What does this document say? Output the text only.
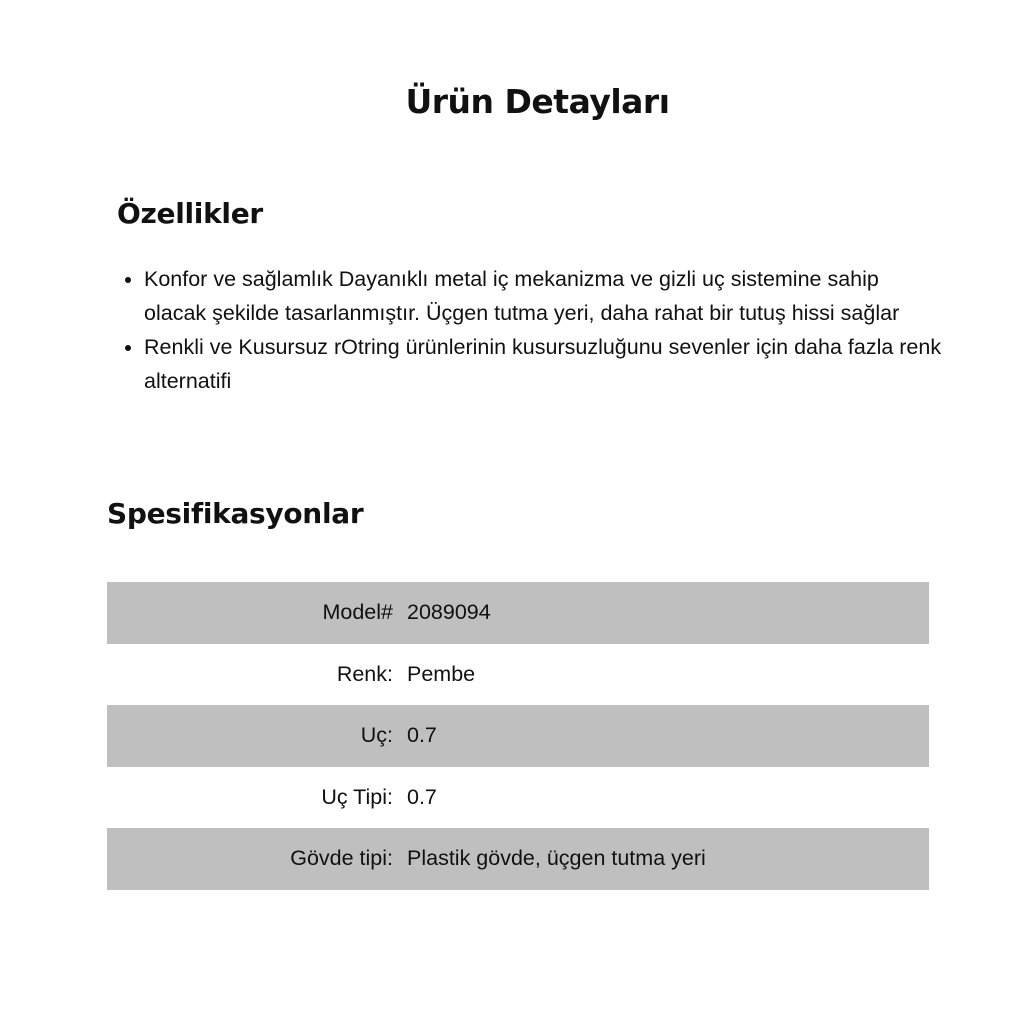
Ürün Detayları
Özellikler
• Konfor ve sağlamlık Dayanıklı metal iç mekanizma ve gizli uç sistemine sahip olacak şekilde tasarlanmıştır. Üçgen tutma yeri, daha rahat bir tutuş hissi sağlar
• Renkli ve Kusursuz rOtring ürünlerinin kusursuzluğunu sevenler için daha fazla renk alternatifi
Spesifikasyonlar
Model#	2089094
Renk:	Pembe
Uç:	0.7
Uç Tipi:	0.7
Gövde tipi:	Plastik gövde, üçgen tutma yeri
